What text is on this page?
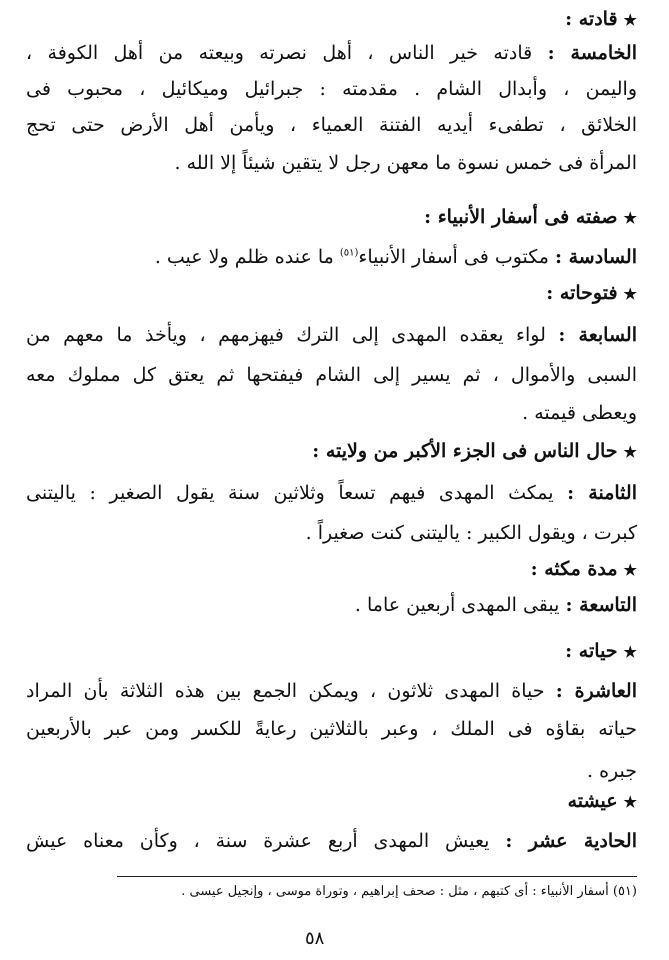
★قادته :
الخامسة : قادته خير الناس ، أهل نصرته وبيعته من أهل الكوفة ،
واليمن ، وأبدال الشام . مقدمته : جبرائيل وميكائيل ، محبوب فى
الخلائق ، تطفىء أيديه الفتنة العمياء ، ويأمن أهل الأرض حتى تحج
المرأة فى خمس نسوة ما معهن رجل لا يتقين شيئاً إلا الله .
★صفته فى أسفار الأنبياء :
السادسة : مكتوب فى أسفار الأنبياء$^{(٥١)}$ ما عنده ظلم ولا عيب .
★فتوحاته :
السابعة : لواء يعقده المهدى إلى الترك فيهزمهم ، ويأخذ ما معهم من
السبى والأموال ، ثم يسير إلى الشام فيفتحها ثم يعتق كل مملوك معه
ويعطى قيمته .
★حال الناس فى الجزء الأكبر من ولايته :
الثامنة : يمكث المهدى فيهم تسعاً وثلاثين سنة يقول الصغير : ياليتنى
كبرت ، ويقول الكبير : ياليتنى كنت صغيراً .
★مدة مكثه :
التاسعة : يبقى المهدى أربعين عاما .
★حياته :
العاشرة : حياة المهدى ثلاثون ، ويمكن الجمع بين هذه الثلاثة بأن المراد
حياته بقاؤه فى الملك ، وعبر بالثلاثين رعايةً للكسر ومن عبر بالأربعين
جبره .
★عيشته
الحادية عشر : يعيش المهدى أربع عشرة سنة ، وكأن معناه عيش
(٥١) أسفار الأنبياء : أى كتبهم ، مثل : صحف إبراهيم ، وتوراة موسى ، وإنجيل عيسى .
٥٨
